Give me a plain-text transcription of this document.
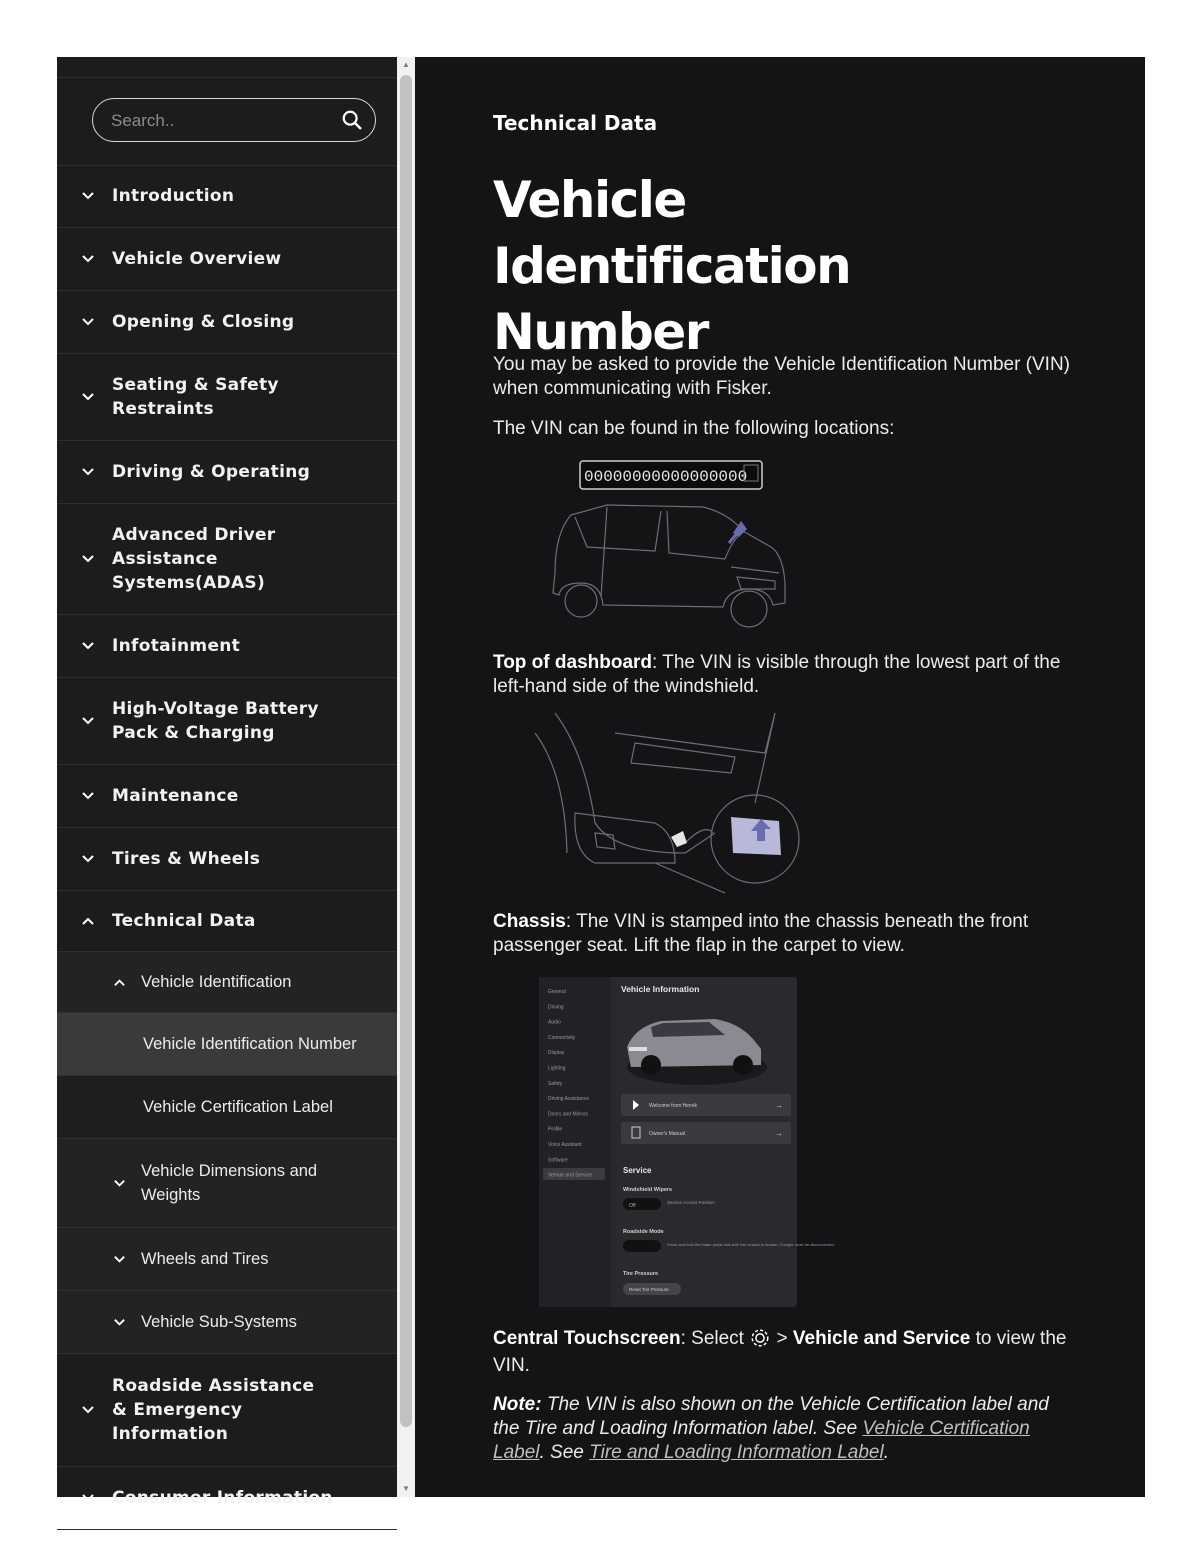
Search..
Introduction
Vehicle Overview
Opening & Closing
Seating & Safety Restraints
Driving & Operating
Advanced Driver Assistance Systems(ADAS)
Infotainment
High-Voltage Battery Pack & Charging
Maintenance
Tires & Wheels
Technical Data
Vehicle Identification
Vehicle Identification Number
Vehicle Certification Label
Vehicle Dimensions and Weights
Wheels and Tires
Vehicle Sub-Systems
Roadside Assistance & Emergency Information
Consumer Information
▲
▼
Technical Data
Vehicle Identification Number

You may be asked to provide the Vehicle Identification Number (VIN) when communicating with Fisker.

The VIN can be found in the following locations:

00000000000000000

Top of dashboard: The VIN is visible through the lowest part of the left-hand side of the windshield.

Chassis: The VIN is stamped into the chassis beneath the front passenger seat. Lift the flap in the carpet to view.

General
Driving
Audio
Connectivity
Display
Lighting
Safety
Driving Assistance
Doors and Mirrors
Profile
Voice Assistant
Software
Vehicle and Service
Vehicle Information
Welcome from Henrik	→
Owner's Manual	→
Service
Windshield Wipers
Off
Service Access Position
Roadside Mode
Press and hold the brake pedal and shift into neutral to enable. Charger must be disconnected.
Tire Pressure
Reset Tire Pressure

Central Touchscreen: Select  > Vehicle and Service to view the VIN.

Note: The VIN is also shown on the Vehicle Certification label and the Tire and Loading Information label. See Vehicle Certification Label. See Tire and Loading Information Label.
